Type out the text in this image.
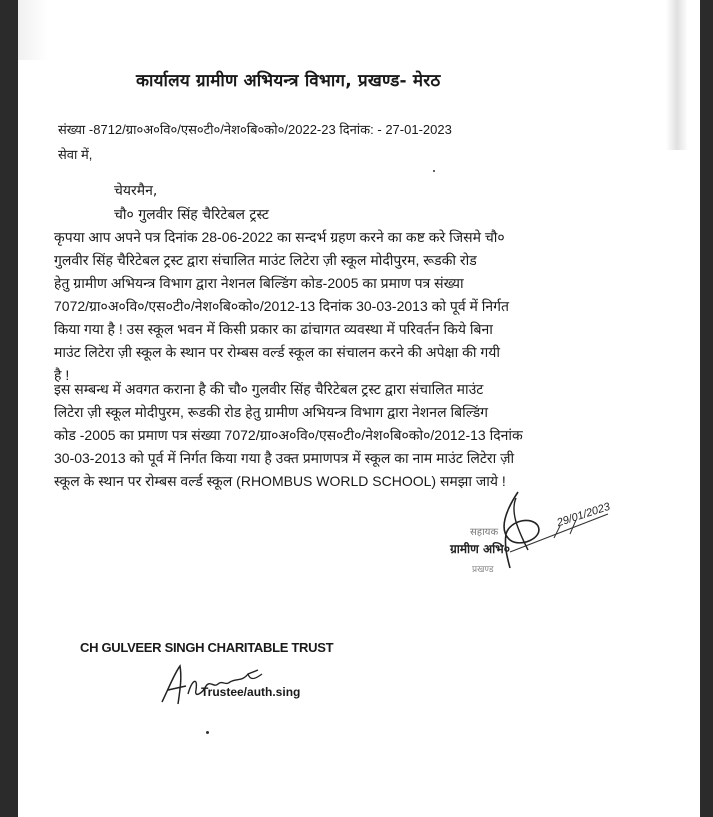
कार्यालय ग्रामीण अभियन्त्र विभाग, प्रखण्ड- मेरठ
संख्या -8712/ग्रा०अ०वि०/एस०टी०/नेश०बि०को०/2022-23 दिनांक: - 27-01-2023
सेवा में,
चेयरमैन,
चौ० गुलवीर सिंह चैरिटेबल ट्रस्ट
कृपया आप अपने पत्र दिनांक 28-06-2022 का सन्दर्भ ग्रहण करने का कष्ट करे जिसमे चौ०
गुलवीर सिंह चैरिटेबल ट्रस्ट द्वारा संचालित माउंट लिटेरा ज़ी स्कूल मोदीपुरम, रूडकी रोड
हेतु ग्रामीण अभियन्त्र विभाग द्वारा नेशनल बिल्डिंग कोड-2005 का प्रमाण पत्र संख्या
7072/ग्रा०अ०वि०/एस०टी०/नेश०बि०को०/2012-13 दिनांक 30-03-2013 को पूर्व में निर्गत
किया गया है ! उस स्कूल भवन में किसी प्रकार का ढांचागत व्यवस्था में परिवर्तन किये बिना
माउंट लिटेरा ज़ी स्कूल के स्थान पर रोम्बस वर्ल्ड स्कूल का संचालन करने की अपेक्षा की गयी
है !
इस सम्बन्ध में अवगत कराना है की चौ० गुलवीर सिंह चैरिटेबल ट्रस्ट द्वारा संचालित माउंट
लिटेरा ज़ी स्कूल मोदीपुरम, रूडकी रोड हेतु ग्रामीण अभियन्त्र विभाग द्वारा नेशनल बिल्डिंग
कोड -2005 का प्रमाण पत्र संख्या 7072/ग्रा०अ०वि०/एस०टी०/नेश०बि०को०/2012-13 दिनांक
30-03-2013 को पूर्व में निर्गत किया गया है उक्त प्रमाणपत्र में स्कूल का नाम माउंट लिटेरा ज़ी
स्कूल के स्थान पर रोम्बस वर्ल्ड स्कूल (RHOMBUS WORLD SCHOOL) समझा जाये !
29/01/2023
सहायक
ग्रामीण अभि०
प्रखण्ड
CH GULVEER SINGH CHARITABLE TRUST
Trustee/auth.sing
